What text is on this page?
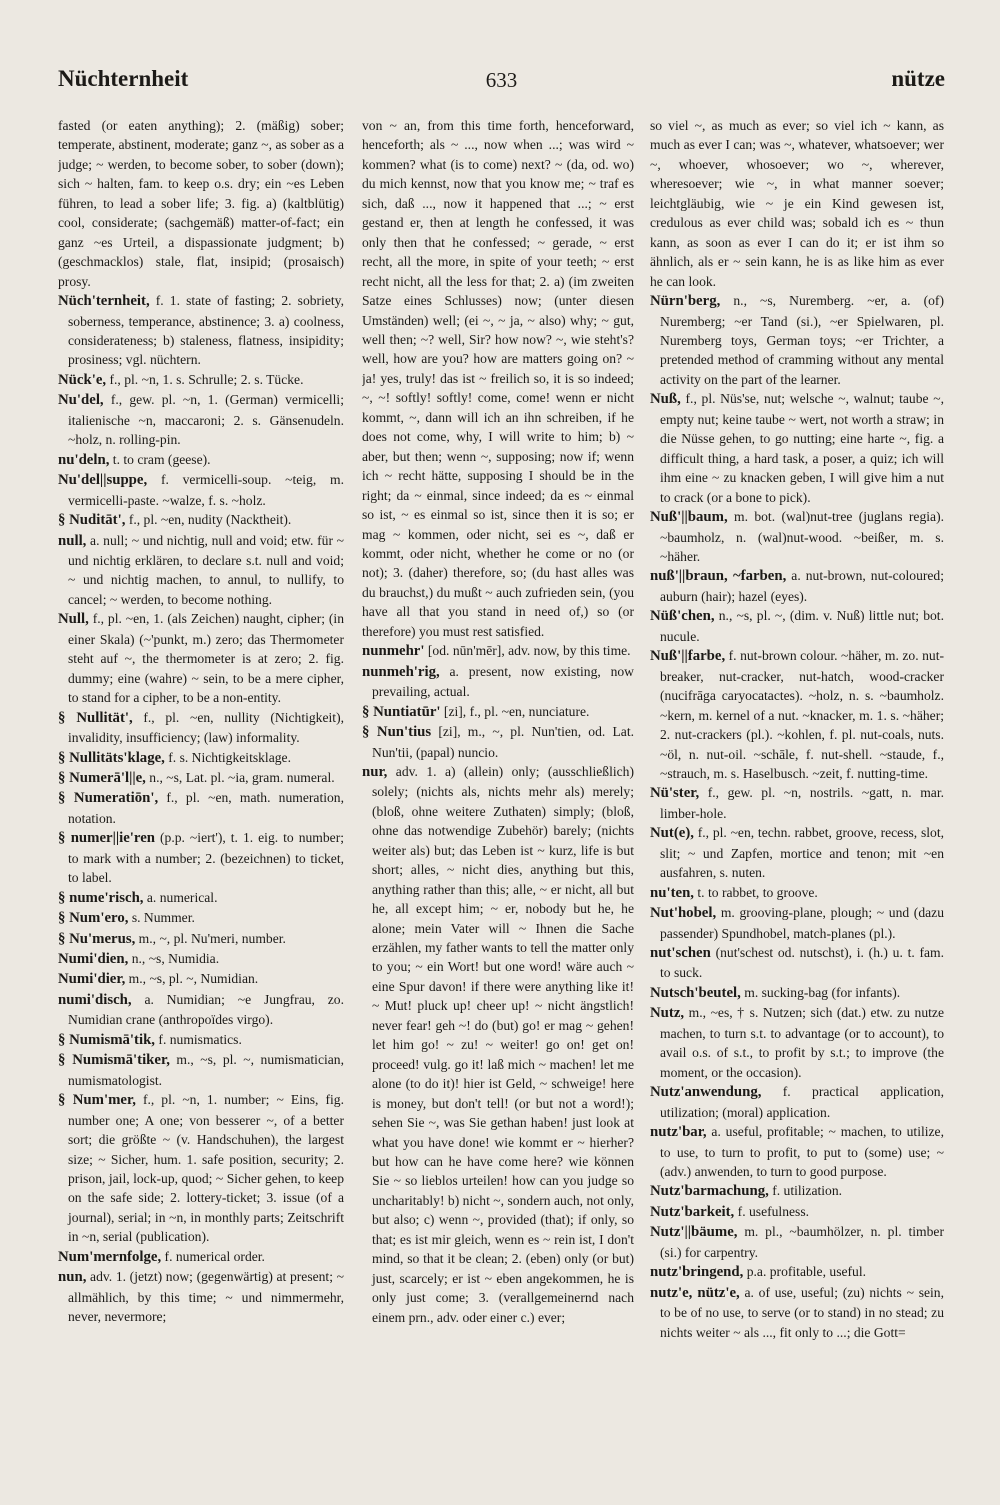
Nüchternheit	633	nütze

fasted (or eaten anything); 2. (mäßig) sober; temperate, abstinent, moderate; ganz ~, as sober as a judge; ~ werden, to become sober, to sober (down); sich ~ halten, fam. to keep o.s. dry; ein ~es Leben führen, to lead a sober life; 3. fig. a) (kaltblütig) cool, considerate; (sachgemäß) matter-of-fact; ein ganz ~es Urteil, a dispassionate judgment; b) (geschmacklos) stale, flat, insipid; (prosaisch) prosy.

Nüch'ternheit, f. 1. state of fasting; 2. sobriety, soberness, temperance, abstinence; 3. a) coolness, considerateness; b) staleness, flatness, insipidity; prosiness; vgl. nüchtern.

Nück'e, f., pl. ~n, 1. s. Schrulle; 2. s. Tücke.

Nu'del, f., gew. pl. ~n, 1. (German) vermicelli; italienische ~n, maccaroni; 2. s. Gänsenudeln. ~holz, n. rolling-pin.

nu'deln, t. to cram (geese).

Nu'del||suppe, f. vermicelli-soup. ~teig, m. vermicelli-paste. ~walze, f. s. ~holz.

§ Nuditāt', f., pl. ~en, nudity (Nacktheit).

null, a. null; ~ und nichtig, null and void; etw. für ~ und nichtig erklären, to declare s.t. null and void; ~ und nichtig machen, to annul, to nullify, to cancel; ~ werden, to become nothing.

Null, f., pl. ~en, 1. (als Zeichen) naught, cipher; (in einer Skala) (~'punkt, m.) zero; das Thermometer steht auf ~, the thermometer is at zero; 2. fig. dummy; eine (wahre) ~ sein, to be a mere cipher, to stand for a cipher, to be a non-entity.

§ Nullität', f., pl. ~en, nullity (Nichtigkeit), invalidity, insufficiency; (law) informality.

§ Nullitäts'klage, f. s. Nichtigkeitsklage.

§ Numerā'l||e, n., ~s, Lat. pl. ~ia, gram. numeral.

§ Numeratiōn', f., pl. ~en, math. numeration, notation.

§ numer||ie'ren (p.p. ~iert'), t. 1. eig. to number; to mark with a number; 2. (bezeichnen) to ticket, to label.

§ nume'risch, a. numerical.

§ Num'ero, s. Nummer.

§ Nu'merus, m., ~, pl. Nu'meri, number.

Numi'dien, n., ~s, Numidia.

Numi'dier, m., ~s, pl. ~, Numidian.

numi'disch, a. Numidian; ~e Jungfrau, zo. Numidian crane (anthropoïdes virgo).

§ Numismā'tik, f. numismatics.

§ Numismā'tiker, m., ~s, pl. ~, numismatician, numismatologist.

§ Num'mer, f., pl. ~n, 1. number; ~ Eins, fig. number one; A one; von besserer ~, of a better sort; die größte ~ (v. Handschuhen), the largest size; ~ Sicher, hum. 1. safe position, security; 2. prison, jail, lock-up, quod; ~ Sicher gehen, to keep on the safe side; 2. lottery-ticket; 3. issue (of a journal), serial; in ~n, in monthly parts; Zeitschrift in ~n, serial (publication).

Num'mernfolge, f. numerical order.

nun, adv. 1. (jetzt) now; (gegenwärtig) at present; ~ allmählich, by this time; ~ und nimmermehr, never, nevermore;

von ~ an, from this time forth, henceforward, henceforth; als ~ ..., now when ...; was wird ~ kommen? what (is to come) next? ~ (da, od. wo) du mich kennst, now that you know me; ~ traf es sich, daß ..., now it happened that ...; ~ erst gestand er, then at length he confessed, it was only then that he confessed; ~ gerade, ~ erst recht, all the more, in spite of your teeth; ~ erst recht nicht, all the less for that; 2. a) (im zweiten Satze eines Schlusses) now; (unter diesen Umständen) well; (ei ~, ~ ja, ~ also) why; ~ gut, well then; ~? well, Sir? how now? ~, wie steht's? well, how are you? how are matters going on? ~ ja! yes, truly! das ist ~ freilich so, it is so indeed; ~, ~! softly! softly! come, come! wenn er nicht kommt, ~, dann will ich an ihn schreiben, if he does not come, why, I will write to him; b) ~ aber, but then; wenn ~, supposing; now if; wenn ich ~ recht hätte, supposing I should be in the right; da ~ einmal, since indeed; da es ~ einmal so ist, ~ es einmal so ist, since then it is so; er mag ~ kommen, oder nicht, sei es ~, daß er kommt, oder nicht, whether he come or no (or not); 3. (daher) therefore, so; (du hast alles was du brauchst,) du mußt ~ auch zufrieden sein, (you have all that you stand in need of,) so (or therefore) you must rest satisfied.

nunmehr' [od. nūn'mēr], adv. now, by this time.

nunmeh'rig, a. present, now existing, now prevailing, actual.

§ Nuntiatūr' [zi], f., pl. ~en, nunciature.

§ Nun'tius [zi], m., ~, pl. Nun'tien, od. Lat. Nun'tii, (papal) nuncio.

nur, adv. 1. a) (allein) only; (ausschließlich) solely; (nichts als, nichts mehr als) merely; (bloß, ohne weitere Zuthaten) simply; (bloß, ohne das notwendige Zubehör) barely; (nichts weiter als) but; das Leben ist ~ kurz, life is but short; alles, ~ nicht dies, anything but this, anything rather than this; alle, ~ er nicht, all but he, all except him; ~ er, nobody but he, he alone; mein Vater will ~ Ihnen die Sache erzählen, my father wants to tell the matter only to you; ~ ein Wort! but one word! wäre auch ~ eine Spur davon! if there were anything like it! ~ Mut! pluck up! cheer up! ~ nicht ängstlich! never fear! geh ~! do (but) go! er mag ~ gehen! let him go! ~ zu! ~ weiter! go on! get on! proceed! vulg. go it! laß mich ~ machen! let me alone (to do it)! hier ist Geld, ~ schweige! here is money, but don't tell! (or but not a word!); sehen Sie ~, was Sie gethan haben! just look at what you have done! wie kommt er ~ hierher? but how can he have come here? wie können Sie ~ so lieblos urteilen! how can you judge so uncharitably! b) nicht ~, sondern auch, not only, but also; c) wenn ~, provided (that); if only, so that; es ist mir gleich, wenn es ~ rein ist, I don't mind, so that it be clean; 2. (eben) only (or but) just, scarcely; er ist ~ eben angekommen, he is only just come; 3. (verallgemeinernd nach einem prn., adv. oder einer c.) ever;

so viel ~, as much as ever; so viel ich ~ kann, as much as ever I can; was ~, whatever, whatsoever; wer ~, whoever, whosoever; wo ~, wherever, wheresoever; wie ~, in what manner soever; leichtgläubig, wie ~ je ein Kind gewesen ist, credulous as ever child was; sobald ich es ~ thun kann, as soon as ever I can do it; er ist ihm so ähnlich, als er ~ sein kann, he is as like him as ever he can look.

Nürn'berg, n., ~s, Nuremberg. ~er, a. (of) Nuremberg; ~er Tand (si.), ~er Spielwaren, pl. Nuremberg toys, German toys; ~er Trichter, a pretended method of cramming without any mental activity on the part of the learner.

Nuß, f., pl. Nüs'se, nut; welsche ~, walnut; taube ~, empty nut; keine taube ~ wert, not worth a straw; in die Nüsse gehen, to go nutting; eine harte ~, fig. a difficult thing, a hard task, a poser, a quiz; ich will ihm eine ~ zu knacken geben, I will give him a nut to crack (or a bone to pick).

Nuß'||baum, m. bot. (wal)nut-tree (juglans regia). ~baumholz, n. (wal)nut-wood. ~beißer, m. s. ~häher.

nuß'||braun, ~farben, a. nut-brown, nut-coloured; auburn (hair); hazel (eyes).

Nüß'chen, n., ~s, pl. ~, (dim. v. Nuß) little nut; bot. nucule.

Nuß'||farbe, f. nut-brown colour. ~häher, m. zo. nut-breaker, nut-cracker, nut-hatch, wood-cracker (nucifrāga caryocatactes). ~holz, n. s. ~baumholz. ~kern, m. kernel of a nut. ~knacker, m. 1. s. ~häher; 2. nut-crackers (pl.). ~kohlen, f. pl. nut-coals, nuts. ~öl, n. nut-oil. ~schāle, f. nut-shell. ~staude, f., ~strauch, m. s. Haselbusch. ~zeit, f. nutting-time.

Nü'ster, f., gew. pl. ~n, nostrils. ~gatt, n. mar. limber-hole.

Nut(e), f., pl. ~en, techn. rabbet, groove, recess, slot, slit; ~ und Zapfen, mortice and tenon; mit ~en ausfahren, s. nuten.

nu'ten, t. to rabbet, to groove.

Nut'hobel, m. grooving-plane, plough; ~ und (dazu passender) Spundhobel, match-planes (pl.).

nut'schen (nut'schest od. nutschst), i. (h.) u. t. fam. to suck.

Nutsch'beutel, m. sucking-bag (for infants).

Nutz, m., ~es, † s. Nutzen; sich (dat.) etw. zu nutze machen, to turn s.t. to advantage (or to account), to avail o.s. of s.t., to profit by s.t.; to improve (the moment, or the occasion).

Nutz'anwendung, f. practical application, utilization; (moral) application.

nutz'bar, a. useful, profitable; ~ machen, to utilize, to use, to turn to profit, to put to (some) use; ~ (adv.) anwenden, to turn to good purpose.

Nutz'barmachung, f. utilization.

Nutz'barkeit, f. usefulness.

Nutz'||bäume, m. pl., ~baumhölzer, n. pl. timber (si.) for carpentry.

nutz'bringend, p.a. profitable, useful.

nutz'e, nütz'e, a. of use, useful; (zu) nichts ~ sein, to be of no use, to serve (or to stand) in no stead; zu nichts weiter ~ als ..., fit only to ...; die Gott=
